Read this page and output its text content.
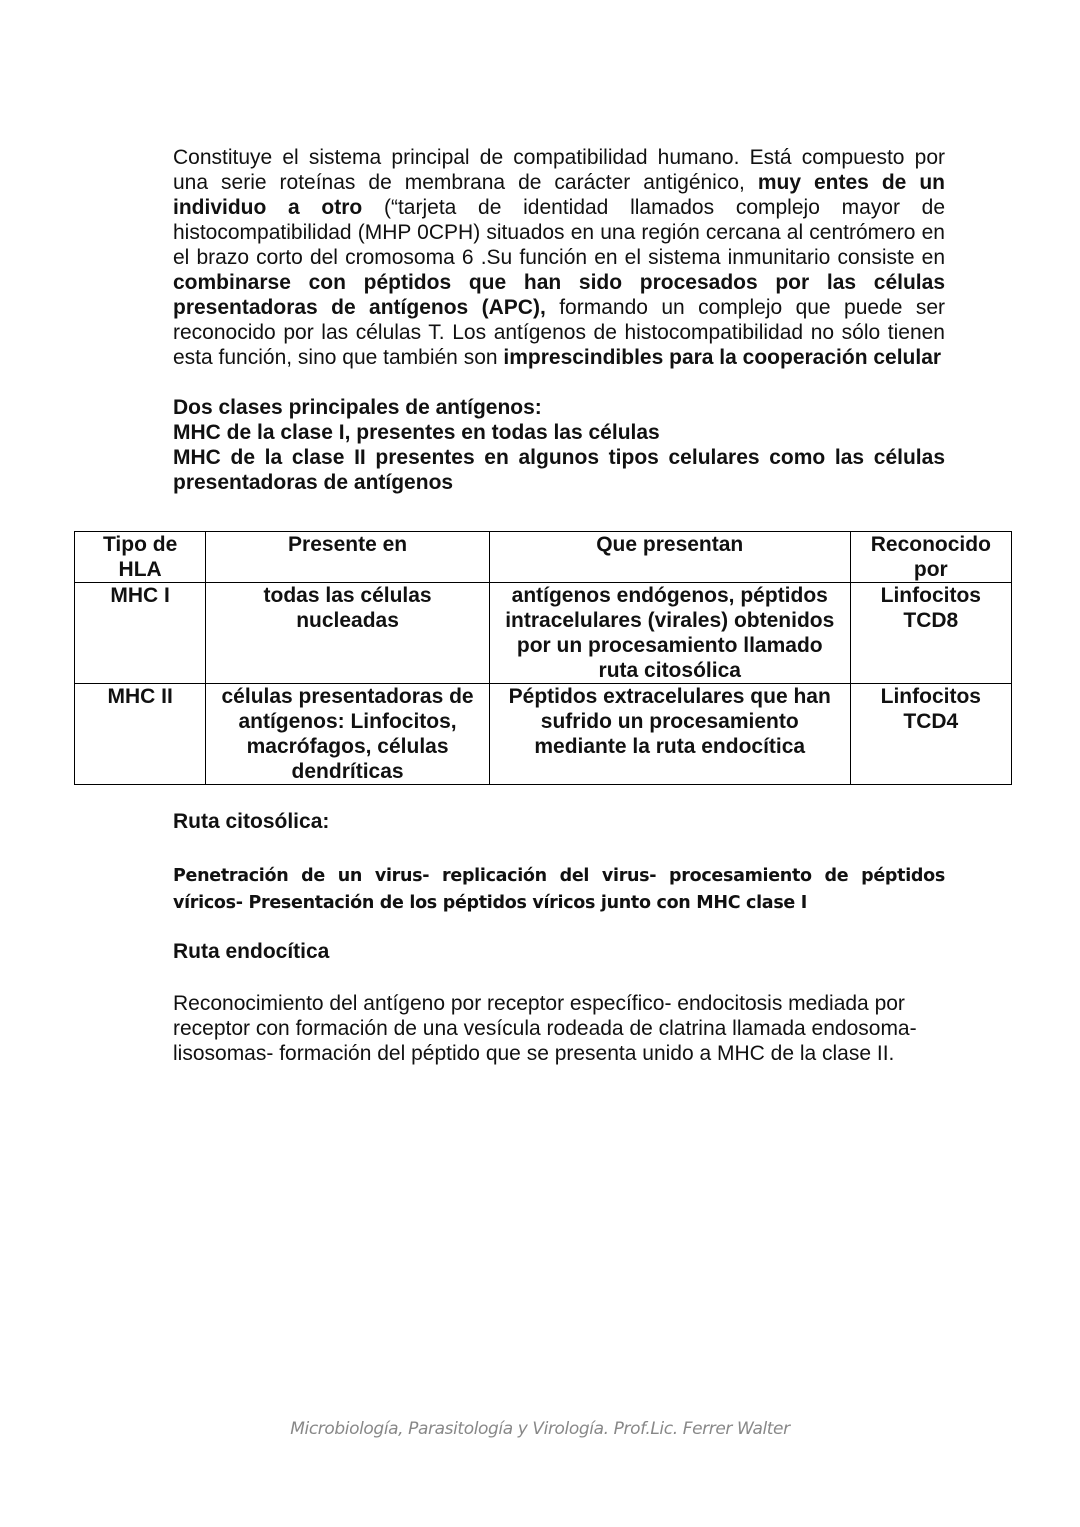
Constituye el sistema principal de compatibilidad humano. Está compuesto por una serie roteínas de membrana de carácter antigénico, muy entes de un individuo a otro (“tarjeta de identidad llamados complejo mayor de histocompatibilidad (MHP 0CPH) situados en una región cercana al centrómero en el brazo corto del cromosoma 6 .Su función en el sistema inmunitario consiste en combinarse con péptidos que han sido procesados por las células presentadoras de antígenos (APC), formando un complejo que puede ser reconocido por las células T. Los antígenos de histocompatibilidad no sólo tienen esta función, sino que también son imprescindibles para la cooperación celular

Dos clases principales de antígenos:
MHC de la clase I, presentes en todas las células
MHC de la clase II presentes en algunos tipos celulares como las células presentadoras de antígenos
Tipo de HLA	Presente en	Que presentan	Reconocido por
MHC I	todas las células nucleadas	antígenos endógenos, péptidos intracelulares (virales) obtenidos por un procesamiento llamado ruta citosólica	Linfocitos TCD8
MHC II	células presentadoras de antígenos: Linfocitos, macrófagos, células dendríticas	Péptidos extracelulares que han sufrido un procesamiento mediante la ruta endocítica	Linfocitos TCD4
Ruta citosólica:

Penetración de un virus- replicación del virus- procesamiento de péptidos víricos- Presentación de los péptidos víricos junto con MHC clase I

Ruta endocítica

Reconocimiento del antígeno por receptor específico- endocitosis mediada por receptor con formación de una vesícula rodeada de clatrina llamada endosoma-lisosomas- formación del péptido que se presenta unido a MHC de la clase II.

Microbiología, Parasitología y Virología. Prof.Lic. Ferrer Walter
